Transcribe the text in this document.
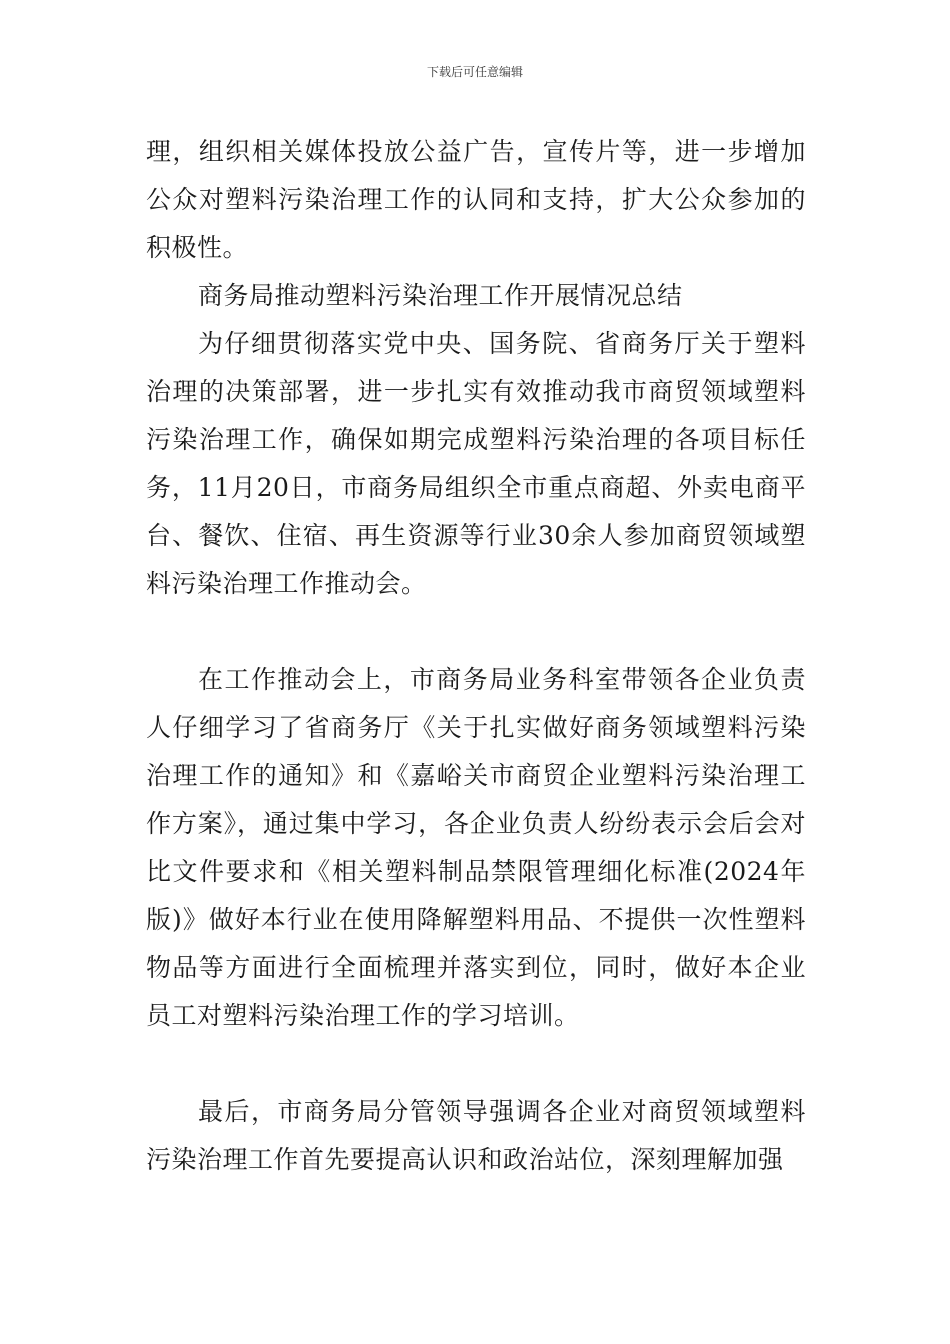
下载后可任意编辑

理，组织相关媒体投放公益广告，宣传片等，进一步增加公众对塑料污染治理工作的认同和支持，扩大公众参加的积极性。

商务局推动塑料污染治理工作开展情况总结

为仔细贯彻落实党中央、国务院、省商务厅关于塑料治理的决策部署，进一步扎实有效推动我市商贸领域塑料污染治理工作，确保如期完成塑料污染治理的各项目标任务，11月20日，市商务局组织全市重点商超、外卖电商平台、餐饮、住宿、再生资源等行业30余人参加商贸领域塑料污染治理工作推动会。

在工作推动会上，市商务局业务科室带领各企业负责人仔细学习了省商务厅《关于扎实做好商务领域塑料污染治理工作的通知》和《嘉峪关市商贸企业塑料污染治理工作方案》，通过集中学习，各企业负责人纷纷表示会后会对比文件要求和《相关塑料制品禁限管理细化标准(2024年版)》做好本行业在使用降解塑料用品、不提供一次性塑料物品等方面进行全面梳理并落实到位，同时，做好本企业员工对塑料污染治理工作的学习培训。

最后，市商务局分管领导强调各企业对商贸领域塑料污染治理工作首先要提高认识和政治站位，深刻理解加强
